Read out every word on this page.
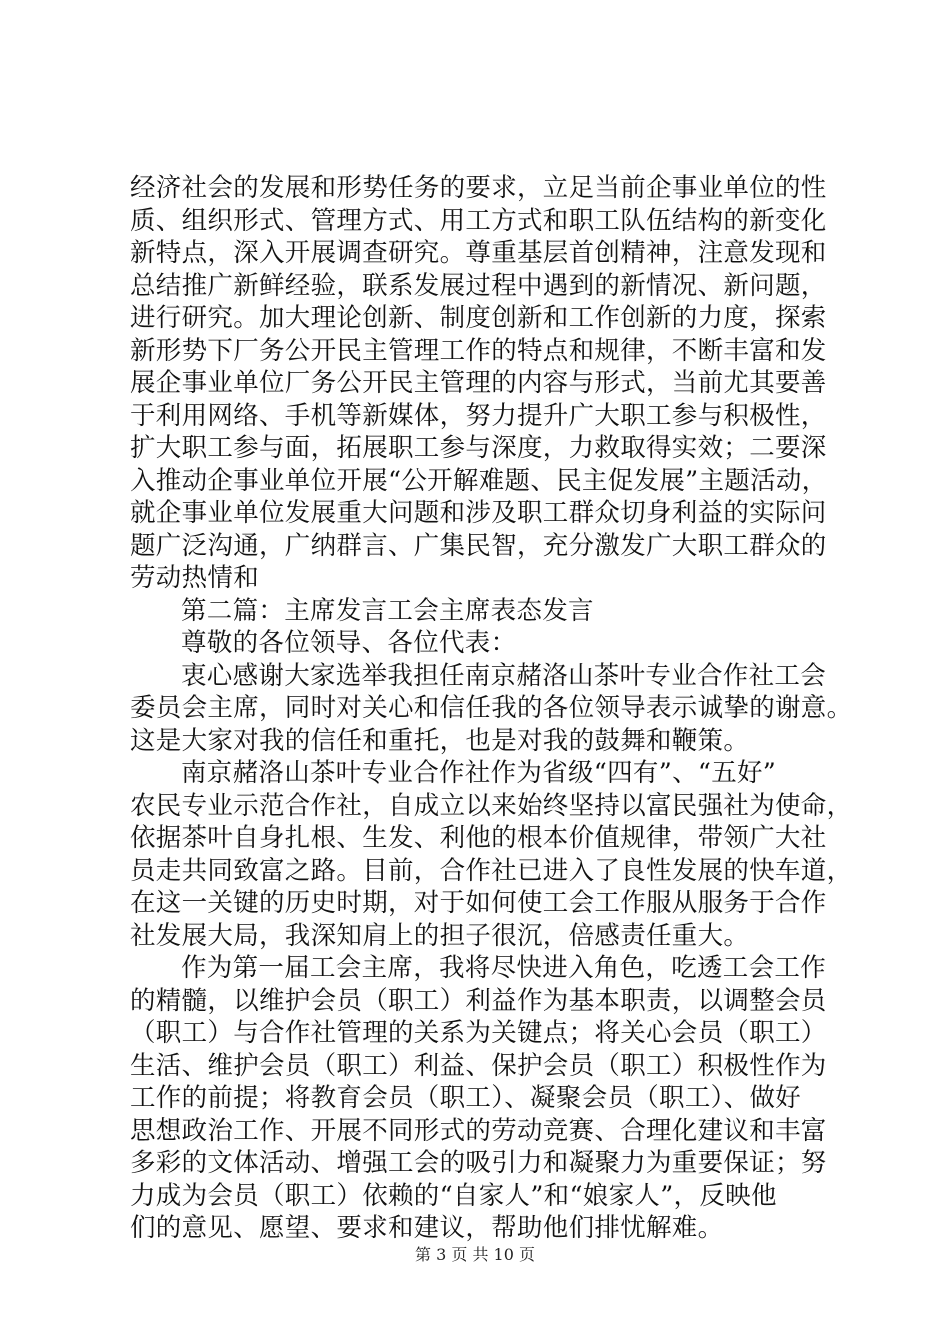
经济社会的发展和形势任务的要求，立足当前企事业单位的性
质、组织形式、管理方式、用工方式和职工队伍结构的新变化
新特点，深入开展调查研究。尊重基层首创精神，注意发现和
总结推广新鲜经验，联系发展过程中遇到的新情况、新问题，
进行研究。加大理论创新、制度创新和工作创新的力度，探索
新形势下厂务公开民主管理工作的特点和规律，不断丰富和发
展企事业单位厂务公开民主管理的内容与形式，当前尤其要善
于利用网络、手机等新媒体，努力提升广大职工参与积极性，
扩大职工参与面，拓展职工参与深度，力救取得实效；二要深
入推动企事业单位开展“公开解难题、民主促发展”主题活动，
就企事业单位发展重大问题和涉及职工群众切身利益的实际问
题广泛沟通，广纳群言、广集民智，充分激发广大职工群众的
劳动热情和
第二篇：主席发言工会主席表态发言
尊敬的各位领导、各位代表：
衷心感谢大家选举我担任南京赭洛山茶叶专业合作社工会
委员会主席，同时对关心和信任我的各位领导表示诚挚的谢意。
这是大家对我的信任和重托，也是对我的鼓舞和鞭策。
南京赭洛山茶叶专业合作社作为省级“四有”、“五好”
农民专业示范合作社，自成立以来始终坚持以富民强社为使命，
依据茶叶自身扎根、生发、利他的根本价值规律，带领广大社
员走共同致富之路。目前，合作社已进入了良性发展的快车道，
在这一关键的历史时期，对于如何使工会工作服从服务于合作
社发展大局，我深知肩上的担子很沉，倍感责任重大。
作为第一届工会主席，我将尽快进入角色，吃透工会工作
的精髓，以维护会员（职工）利益作为基本职责，以调整会员
（职工）与合作社管理的关系为关键点；将关心会员（职工）
生活、维护会员（职工）利益、保护会员（职工）积极性作为
工作的前提；将教育会员（职工）、凝聚会员（职工）、做好
思想政治工作、开展不同形式的劳动竞赛、合理化建议和丰富
多彩的文体活动、增强工会的吸引力和凝聚力为重要保证；努
力成为会员（职工）依赖的“自家人”和“娘家人”，反映他
们的意见、愿望、要求和建议，帮助他们排忧解难。
第 3 页 共 10 页
